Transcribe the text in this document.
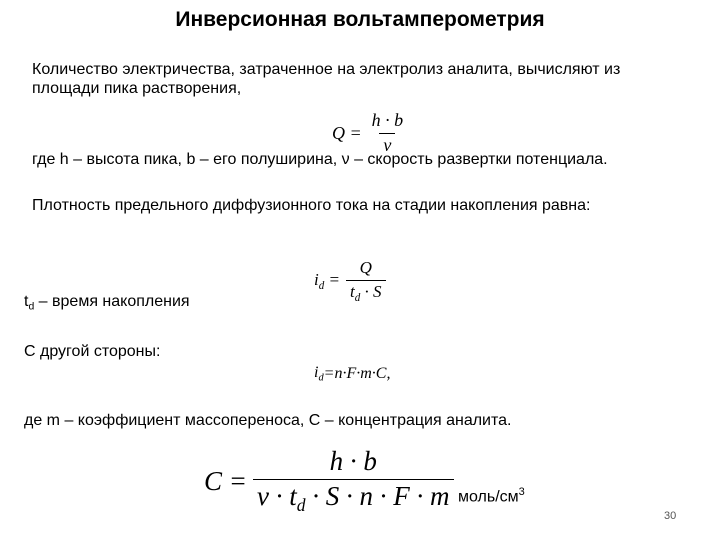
Инверсионная вольтамперометрия
Количество электричества, затраченное на электролиз аналита, вычисляют из
площади пика растворения,
$Q = \frac{h \cdot b}{\nu}$
где h – высота пика, b – его полуширина, ν – скорость развертки потенциала.
Плотность предельного диффузионного тока на стадии накопления равна:
$i_d = \frac{Q}{t_d \cdot S}$
$t_d$ – время накопления
С другой стороны:
$i_d =n\cdot F\cdot m\cdot C$,
де m – коэффициент массопереноса, C – концентрация аналита.
$C = \frac{h \cdot b}{\nu \cdot t_d \cdot S \cdot n \cdot F \cdot m}$ моль/$см^3$
30
